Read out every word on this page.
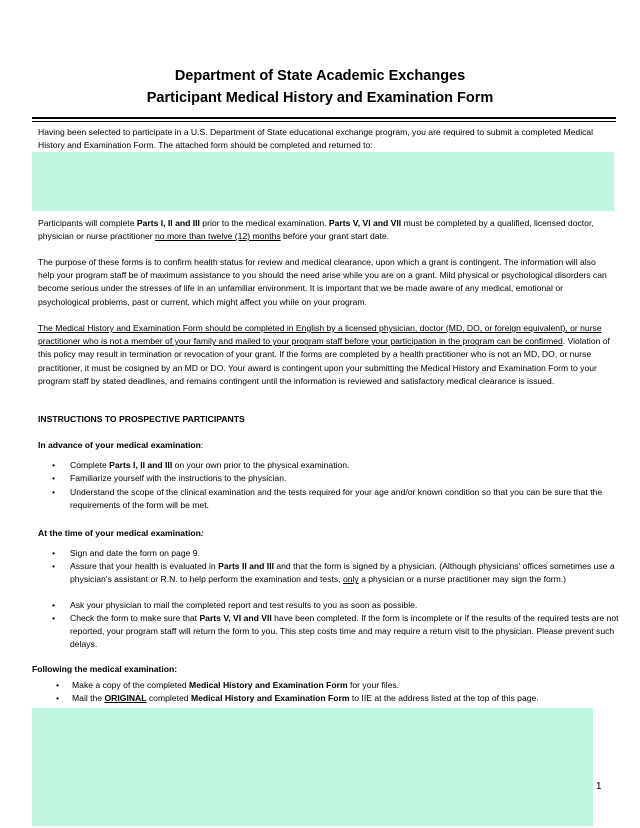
Department of State Academic Exchanges
Participant Medical History and Examination Form
Having been selected to participate in a U.S. Department of State educational exchange program, you are required to submit a completed Medical History and Examination Form. The attached form should be completed and returned to:
Participants will complete Parts I, II and III prior to the medical examination. Parts V, VI and VII must be completed by a qualified, licensed doctor, physician or nurse practitioner no more than twelve (12) months before your grant start date.
The purpose of these forms is to confirm health status for review and medical clearance, upon which a grant is contingent. The information will also help your program staff be of maximum assistance to you should the need arise while you are on a grant. Mild physical or psychological disorders can become serious under the stresses of life in an unfamiliar environment. It is important that we be made aware of any medical, emotional or psychological problems, past or current, which might affect you while on your program.
The Medical History and Examination Form should be completed in English by a licensed physician, doctor (MD, DO, or foreign equivalent), or nurse practitioner who is not a member of your family and mailed to your program staff before your participation in the program can be confirmed. Violation of this policy may result in termination or revocation of your grant. If the forms are completed by a health practitioner who is not an MD, DO, or nurse practitioner, it must be cosigned by an MD or DO. Your award is contingent upon your submitting the Medical History and Examination Form to your program staff by stated deadlines, and remains contingent until the information is reviewed and satisfactory medical clearance is issued.
INSTRUCTIONS TO PROSPECTIVE PARTICIPANTS
In advance of your medical examination:
• Complete Parts I, II and III on your own prior to the physical examination.
• Familiarize yourself with the instructions to the physician.
• Understand the scope of the clinical examination and the tests required for your age and/or known condition so that you can be sure that the requirements of the form will be met.
At the time of your medical examination:
• Sign and date the form on page 9.
• Assure that your health is evaluated in Parts II and III and that the form is signed by a physician. (Although physicians' offices sometimes use a physician's assistant or R.N. to help perform the examination and tests, only a physician or a nurse practitioner may sign the form.)
• Ask your physician to mail the completed report and test results to you as soon as possible.
• Check the form to make sure that Parts V, VI and VII have been completed. If the form is incomplete or if the results of the required tests are not reported, your program staff will return the form to you. This step costs time and may require a return visit to the physician. Please prevent such delays.
Following the medical examination:
• Make a copy of the completed Medical History and Examination Form for your files.
• Mail the ORIGINAL completed Medical History and Examination Form to IIE at the address listed at the top of this page.
1
